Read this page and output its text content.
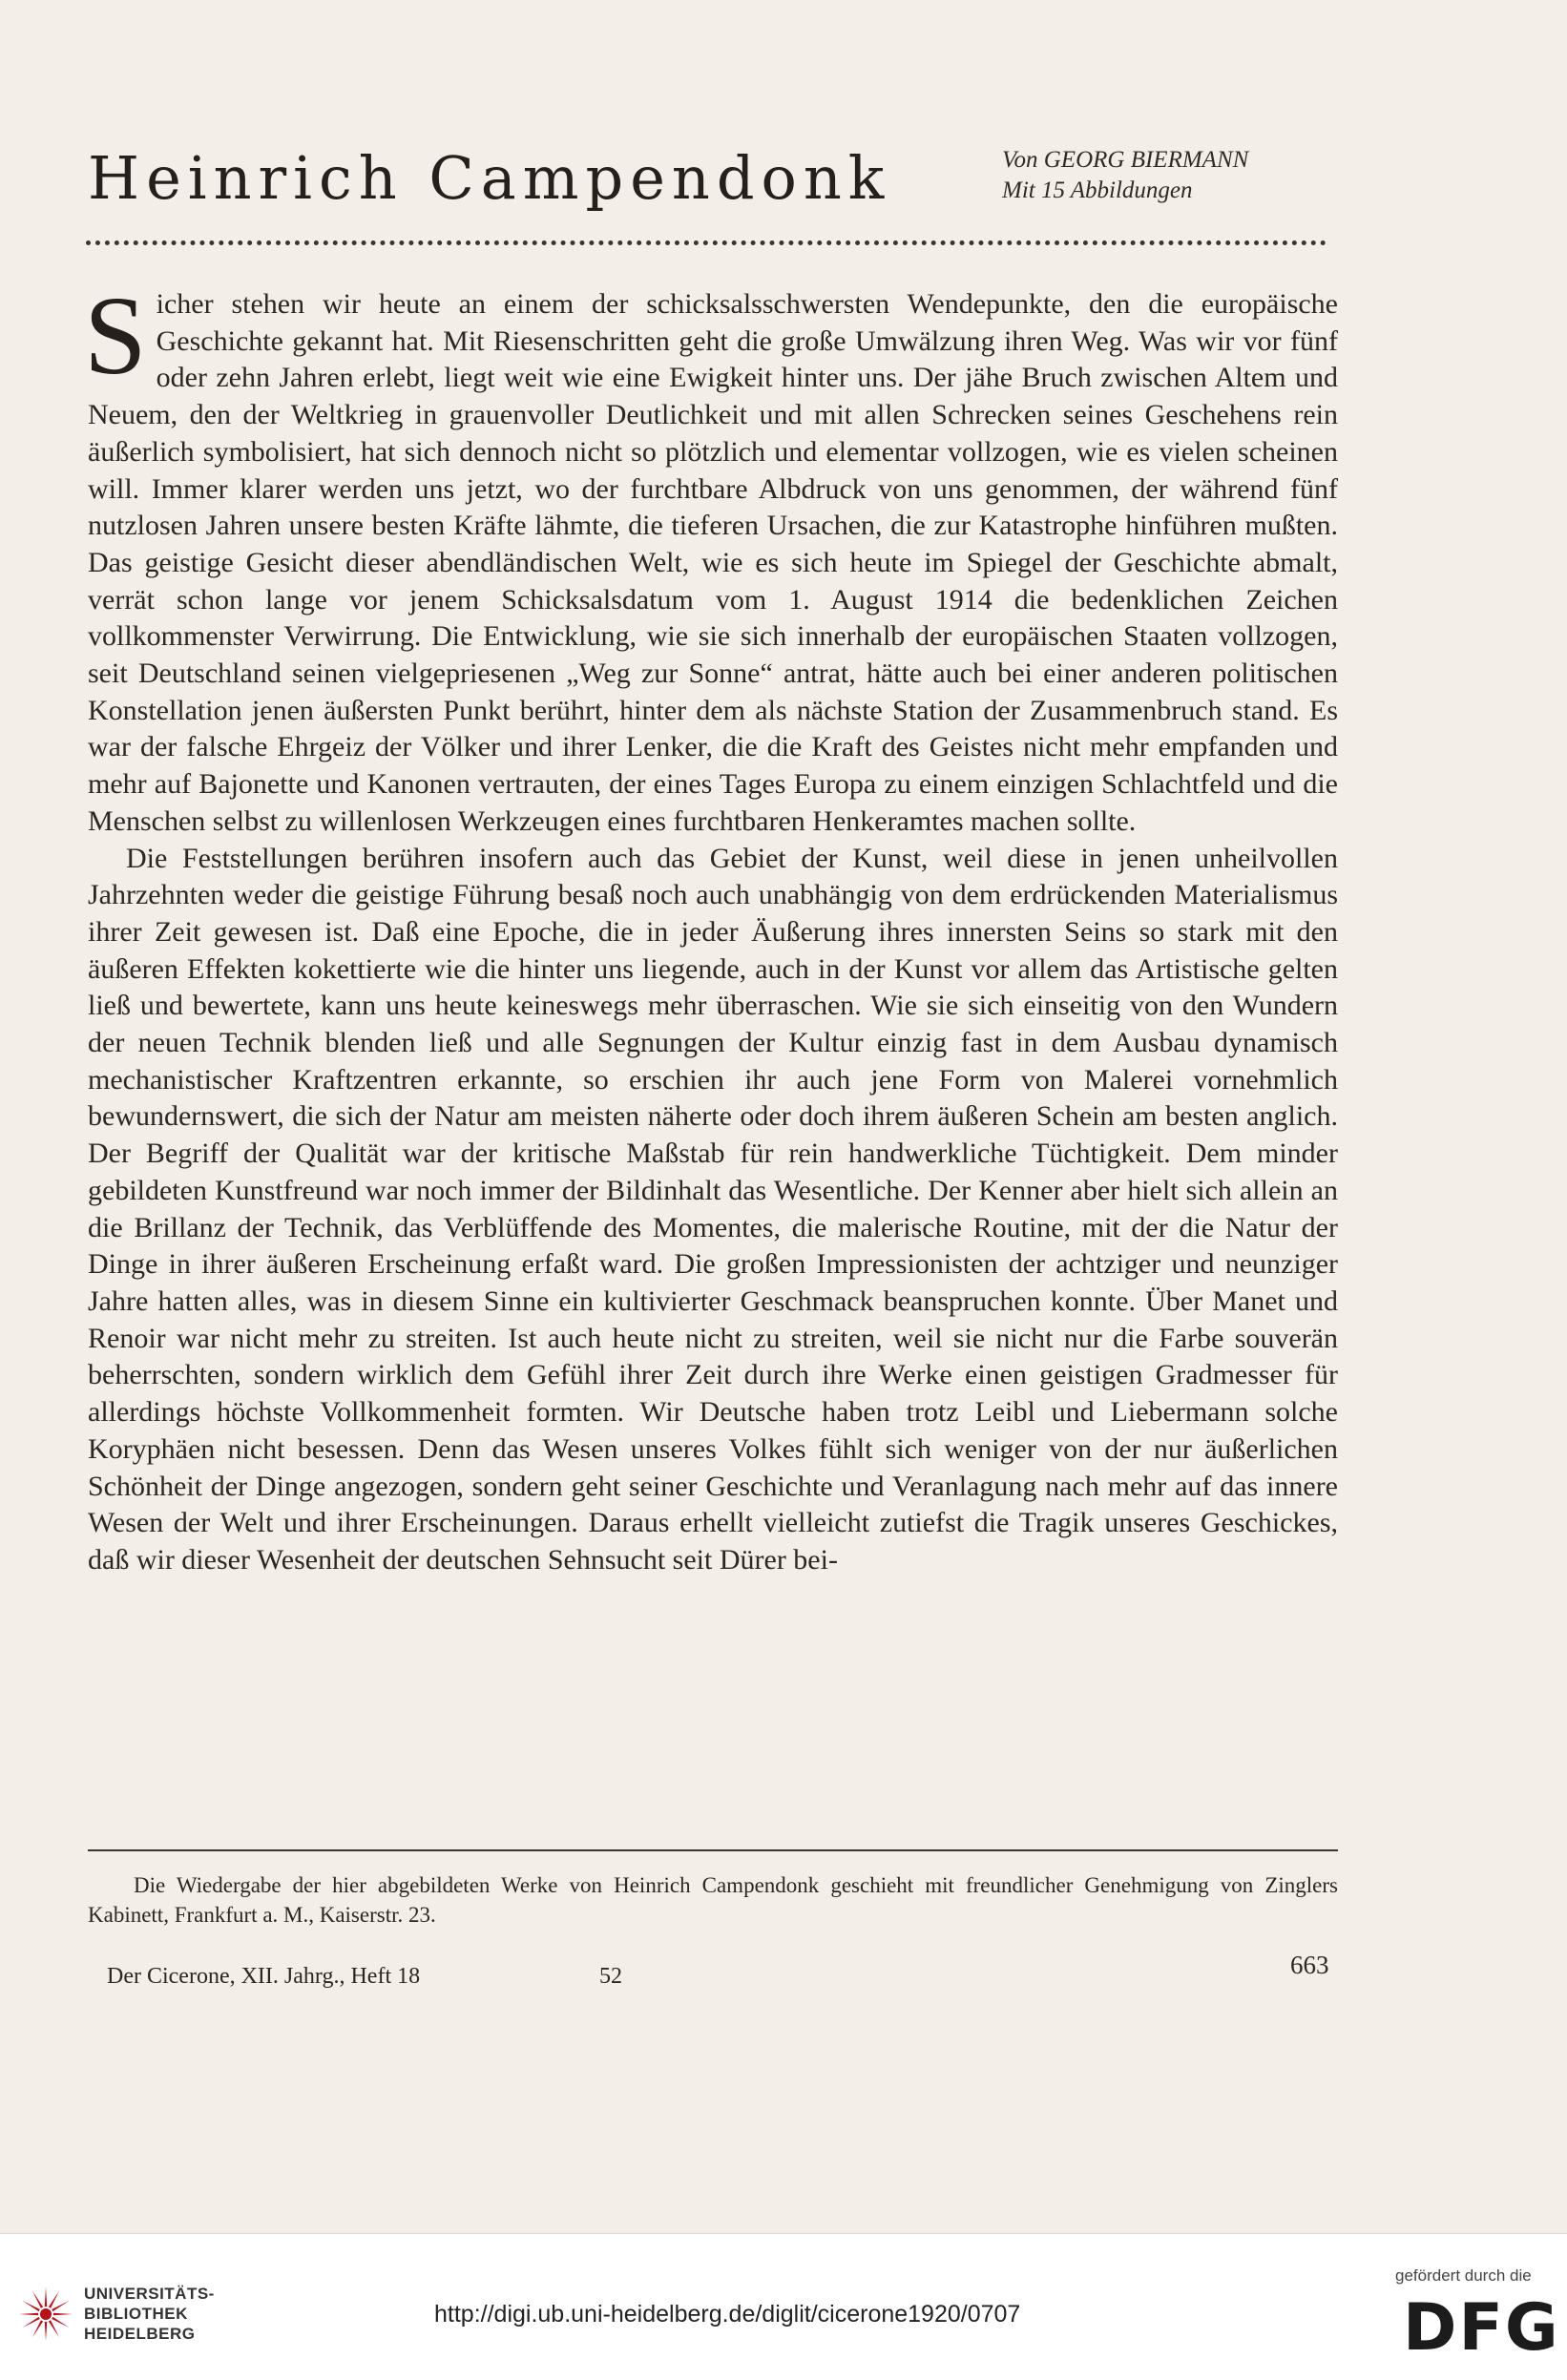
Heinrich Campendonk	Von GEORG BIERMANN
Mit 15 Abbildungen

Sicher stehen wir heute an einem der schicksalsschwersten Wendepunkte, den die europäische Geschichte gekannt hat. Mit Riesenschritten geht die große Umwälzung ihren Weg. Was wir vor fünf oder zehn Jahren erlebt, liegt weit wie eine Ewigkeit hinter uns. Der jähe Bruch zwischen Altem und Neuem, den der Weltkrieg in grauenvoller Deutlichkeit und mit allen Schrecken seines Geschehens rein äußerlich symbolisiert, hat sich dennoch nicht so plötzlich und elementar vollzogen, wie es vielen scheinen will. Immer klarer werden uns jetzt, wo der furchtbare Albdruck von uns genommen, der während fünf nutzlosen Jahren unsere besten Kräfte lähmte, die tieferen Ursachen, die zur Katastrophe hinführen mußten. Das geistige Gesicht dieser abendländischen Welt, wie es sich heute im Spiegel der Geschichte abmalt, verrät schon lange vor jenem Schicksalsdatum vom 1. August 1914 die bedenklichen Zeichen vollkommenster Verwirrung. Die Entwicklung, wie sie sich innerhalb der europäischen Staaten vollzogen, seit Deutschland seinen vielgepriesenen „Weg zur Sonne“ antrat, hätte auch bei einer anderen politischen Konstellation jenen äußersten Punkt berührt, hinter dem als nächste Station der Zusammenbruch stand. Es war der falsche Ehrgeiz der Völker und ihrer Lenker, die die Kraft des Geistes nicht mehr empfanden und mehr auf Bajonette und Kanonen vertrauten, der eines Tages Europa zu einem einzigen Schlachtfeld und die Menschen selbst zu willenlosen Werkzeugen eines furchtbaren Henkeramtes machen sollte.

Die Feststellungen berühren insofern auch das Gebiet der Kunst, weil diese in jenen unheilvollen Jahrzehnten weder die geistige Führung besaß noch auch unabhängig von dem erdrückenden Materialismus ihrer Zeit gewesen ist. Daß eine Epoche, die in jeder Äußerung ihres innersten Seins so stark mit den äußeren Effekten kokettierte wie die hinter uns liegende, auch in der Kunst vor allem das Artistische gelten ließ und bewertete, kann uns heute keineswegs mehr überraschen. Wie sie sich einseitig von den Wundern der neuen Technik blenden ließ und alle Segnungen der Kultur einzig fast in dem Ausbau dynamisch mechanistischer Kraftzentren erkannte, so erschien ihr auch jene Form von Malerei vornehmlich bewundernswert, die sich der Natur am meisten näherte oder doch ihrem äußeren Schein am besten anglich. Der Begriff der Qualität war der kritische Maßstab für rein handwerkliche Tüchtigkeit. Dem minder gebildeten Kunstfreund war noch immer der Bildinhalt das Wesentliche. Der Kenner aber hielt sich allein an die Brillanz der Technik, das Verblüffende des Momentes, die malerische Routine, mit der die Natur der Dinge in ihrer äußeren Erscheinung erfaßt ward. Die großen Impressionisten der achtziger und neunziger Jahre hatten alles, was in diesem Sinne ein kultivierter Geschmack beanspruchen konnte. Über Manet und Renoir war nicht mehr zu streiten. Ist auch heute nicht zu streiten, weil sie nicht nur die Farbe souverän beherrschten, sondern wirklich dem Gefühl ihrer Zeit durch ihre Werke einen geistigen Gradmesser für allerdings höchste Vollkommenheit formten. Wir Deutsche haben trotz Leibl und Liebermann solche Koryphäen nicht besessen. Denn das Wesen unseres Volkes fühlt sich weniger von der nur äußerlichen Schönheit der Dinge angezogen, sondern geht seiner Geschichte und Veranlagung nach mehr auf das innere Wesen der Welt und ihrer Erscheinungen. Daraus erhellt vielleicht zutiefst die Tragik unseres Geschickes, daß wir dieser Wesenheit der deutschen Sehnsucht seit Dürer bei-

Die Wiedergabe der hier abgebildeten Werke von Heinrich Campendonk geschieht mit freundlicher Genehmigung von Zinglers Kabinett, Frankfurt a. M., Kaiserstr. 23.
Der Cicerone, XII. Jahrg., Heft 18	52	663
UNIVERSITÄTS-
BIBLIOTHEK
HEIDELBERG
http://digi.ub.uni-heidelberg.de/diglit/cicerone1920/0707
gefördert durch die
DFG
